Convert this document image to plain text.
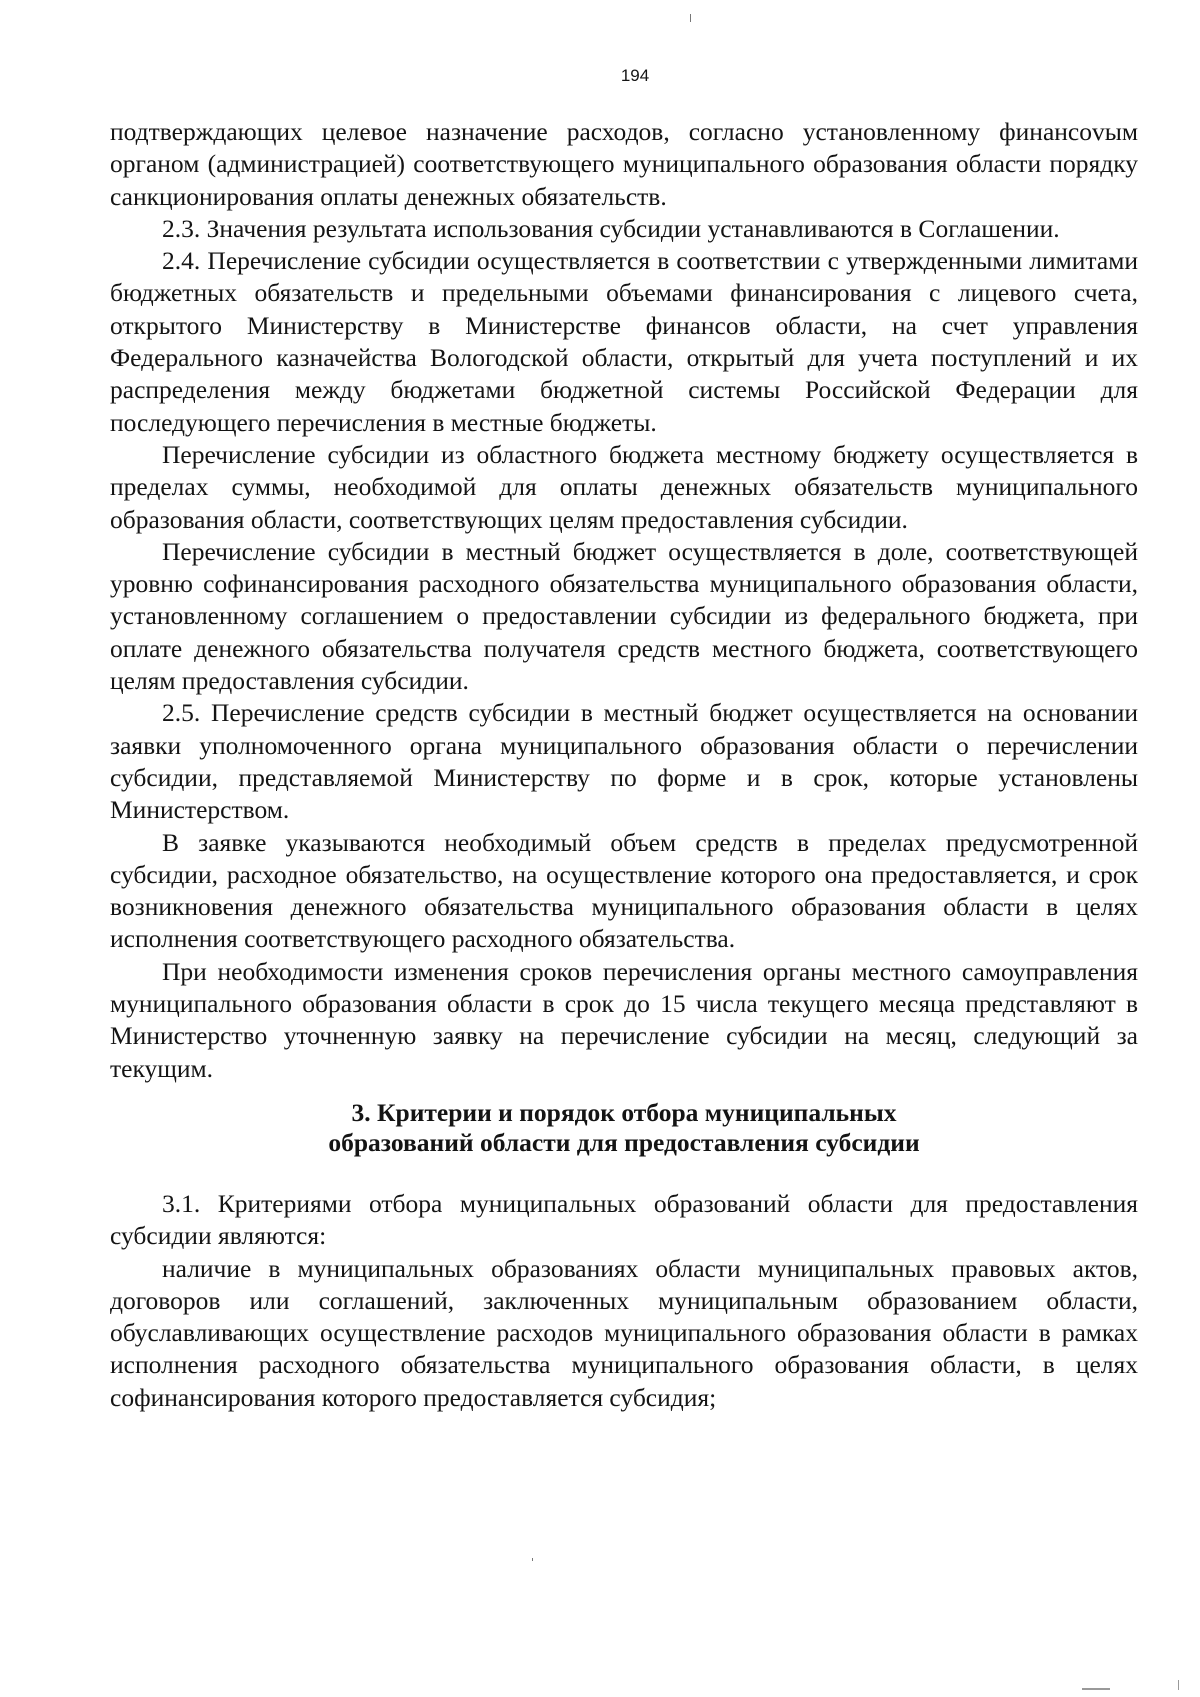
194

подтверждающих целевое назначение расходов, согласно установленному финансоvым органом (администрацией) соответствующего муниципального образования области порядку санкционирования оплаты денежных обязательств.

2.3. Значения результата использования субсидии устанавливаются в Соглашении.

2.4. Перечисление субсидии осуществляется в соответствии с утвержденными лимитами бюджетных обязательств и предельными объемами финансирования с лицевого счета, открытого Министерству в Министерстве финансов области, на счет управления Федерального казначейства Вологодской области, открытый для учета поступлений и их распределения между бюджетами бюджетной системы Российской Федерации для последующего перечисления в местные бюджеты.

Перечисление субсидии из областного бюджета местному бюджету осуществляется в пределах суммы, необходимой для оплаты денежных обязательств муниципального образования области, соответствующих целям предоставления субсидии.

Перечисление субсидии в местный бюджет осуществляется в доле, соответствующей уровню софинансирования расходного обязательства муниципального образования области, установленному соглашением о предоставлении субсидии из федерального бюджета, при оплате денежного обязательства получателя средств местного бюджета, соответствующего целям предоставления субсидии.

2.5. Перечисление средств субсидии в местный бюджет осуществляется на основании заявки уполномоченного органа муниципального образования области о перечислении субсидии, представляемой Министерству по форме и в срок, которые установлены Министерством.

В заявке указываются необходимый объем средств в пределах предусмотренной субсидии, расходное обязательство, на осуществление которого она предоставляется, и срок возникновения денежного обязательства муниципального образования области в целях исполнения соответствующего расходного обязательства.

При необходимости изменения сроков перечисления органы местного самоуправления муниципального образования области в срок до 15 числа текущего месяца представляют в Министерство уточненную заявку на перечисление субсидии на месяц, следующий за текущим.

3. Критерии и порядок отбора муниципальных
образований области для предоставления субсидии

3.1. Критериями отбора муниципальных образований области для предоставления субсидии являются:

наличие в муниципальных образованиях области муниципальных правовых актов, договоров или соглашений, заключенных муниципальным образованием области, обуславливающих осуществление расходов муниципального образования области в рамках исполнения расходного обязательства муниципального образования области, в целях софинансирования которого предоставляется субсидия;
